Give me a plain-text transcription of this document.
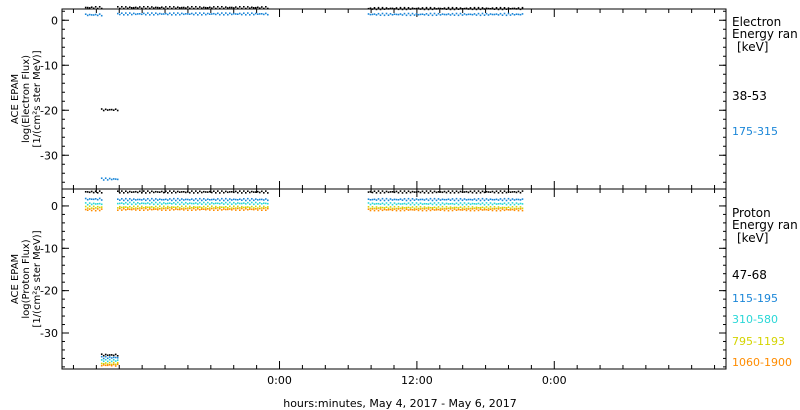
ACE EPAM log(Electron Flux) [1/(cm²s ster MeV)]
ACE EPAM log(Proton Flux) [1/(cm²s ster MeV)]
Electron
Energy ran
[keV]
38-53
175-315
Proton
Energy ran
[keV]
47-68
115-195
310-580
795-1193
1060-1900
hours:minutes, May 4, 2017 - May 6, 2017
0
-10
-20
-30
0
-10
-20
-30
0:00	12:00	0:00
